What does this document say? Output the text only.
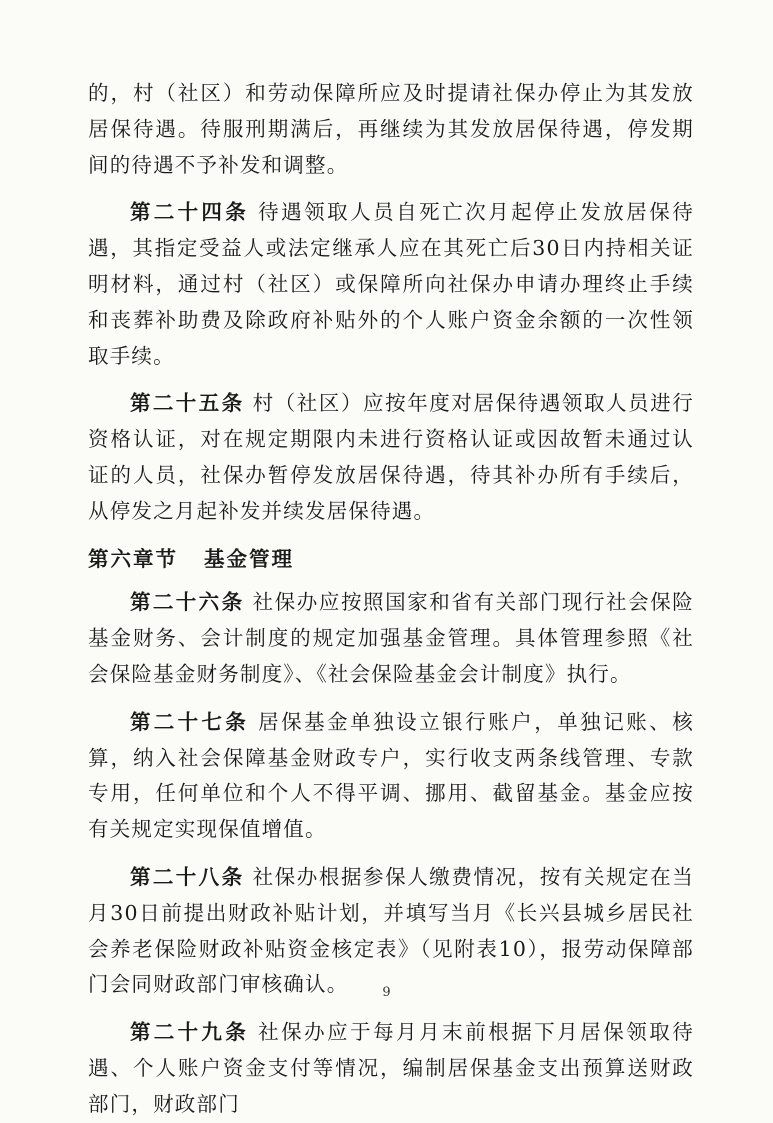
的，村（社区）和劳动保障所应及时提请社保办停止为其发放居保待遇。待服刑期满后，再继续为其发放居保待遇，停发期间的待遇不予补发和调整。

第二十四条 待遇领取人员自死亡次月起停止发放居保待遇，其指定受益人或法定继承人应在其死亡后30日内持相关证明材料，通过村（社区）或保障所向社保办申请办理终止手续和丧葬补助费及除政府补贴外的个人账户资金余额的一次性领取手续。

第二十五条 村（社区）应按年度对居保待遇领取人员进行资格认证，对在规定期限内未进行资格认证或因故暂未通过认证的人员，社保办暂停发放居保待遇，待其补办所有手续后，从停发之月起补发并续发居保待遇。

第六章节 基金管理

第二十六条 社保办应按照国家和省有关部门现行社会保险基金财务、会计制度的规定加强基金管理。具体管理参照《社会保险基金财务制度》、《社会保险基金会计制度》执行。

第二十七条 居保基金单独设立银行账户，单独记账、核算，纳入社会保障基金财政专户，实行收支两条线管理、专款专用，任何单位和个人不得平调、挪用、截留基金。基金应按有关规定实现保值增值。

第二十八条 社保办根据参保人缴费情况，按有关规定在当月30日前提出财政补贴计划，并填写当月《长兴县城乡居民社会养老保险财政补贴资金核定表》（见附表10），报劳动保障部门会同财政部门审核确认。

第二十九条 社保办应于每月月末前根据下月居保领取待遇、个人账户资金支付等情况，编制居保基金支出预算送财政部门，财政部门

9
